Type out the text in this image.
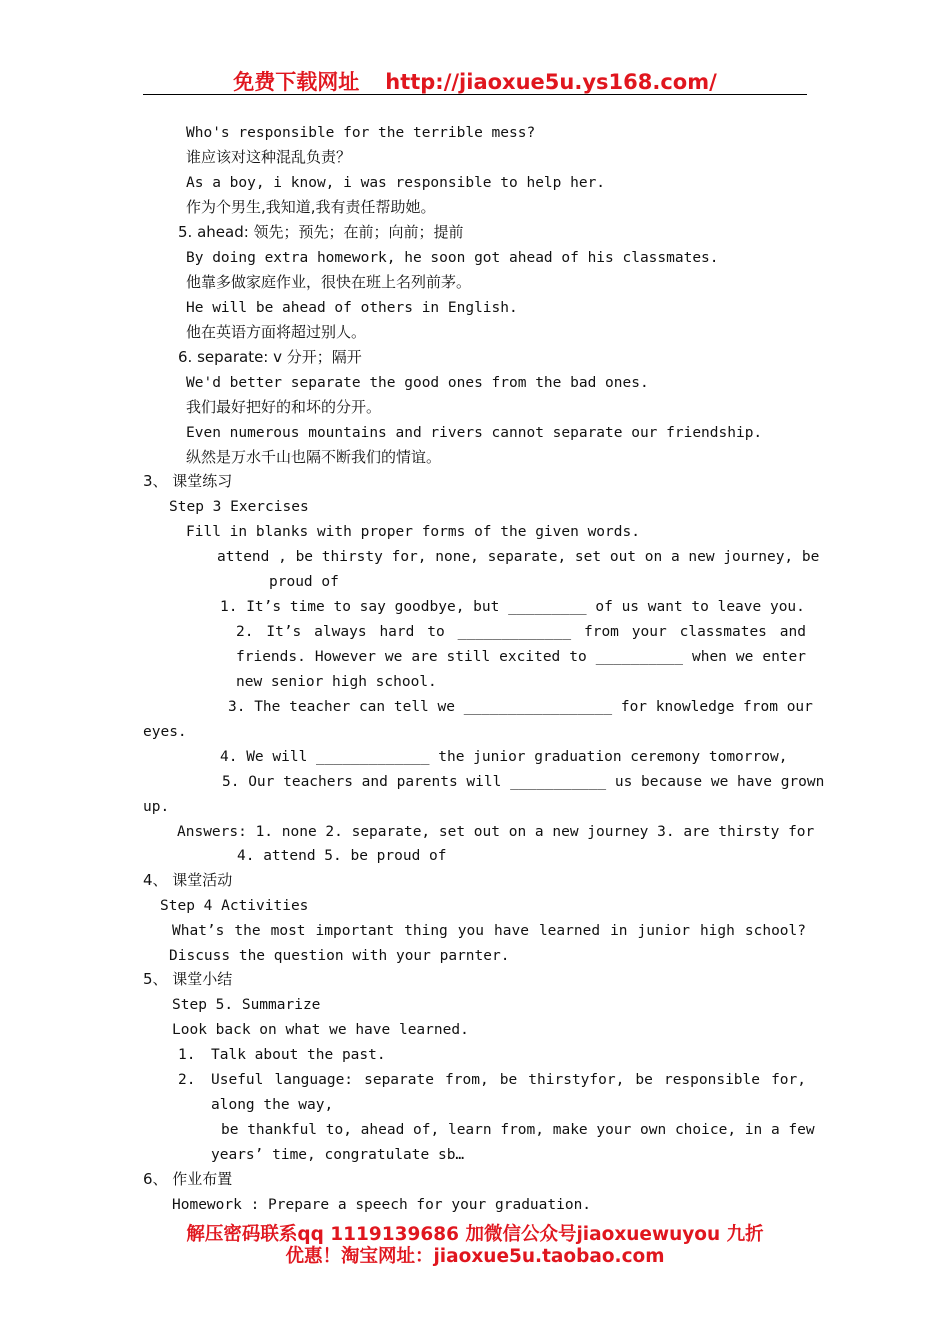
免费下载网址 http://jiaoxue5u.ys168.com/
Who's responsible for the terrible mess?
谁应该对这种混乱负责？
As a boy, i know, i was responsible to help her.
作为个男生,我知道,我有责任帮助她。
5. ahead: 领先；预先；在前；向前；提前
By doing extra homework, he soon got ahead of his classmates.
他靠多做家庭作业，很快在班上名列前茅。
He will be ahead of others in English.
他在英语方面将超过别人。
6. separate: v 分开；隔开
We'd better separate the good ones from the bad ones.
我们最好把好的和坏的分开。
Even numerous mountains and rivers cannot separate our friendship.
纵然是万水千山也隔不断我们的情谊。
3、 课堂练习
Step 3 Exercises
Fill in blanks with proper forms of the given words.
attend , be thirsty for, none, separate, set out on a new journey, be
proud of
1. It’s time to say goodbye, but _________ of us want to leave you.
2. It’s always hard to _____________ from your classmates and
friends. However we are still excited to __________ when we enter
new senior high school.
3. The teacher can tell we _________________ for knowledge from our
eyes.
4. We will _____________ the junior graduation ceremony tomorrow,
5. Our teachers and parents will ___________ us because we have grown
up.
Answers: 1. none 2. separate, set out on a new journey 3. are thirsty for
4. attend 5. be proud of
4、 课堂活动
Step 4 Activities
What’s the most important thing you have learned in junior high school?
Discuss the question with your parnter.
5、 课堂小结
Step 5. Summarize
Look back on what we have learned.
1. Talk about the past.
2. Useful language: separate from, be thirstyfor, be responsible for,
along the way,
be thankful to, ahead of, learn from, make your own choice, in a few
years’ time, congratulate sb…
6、 作业布置
Homework : Prepare a speech for your graduation.
解压密码联系qq 1119139686 加微信公众号jiaoxuewuyou 九折
优惠！淘宝网址：jiaoxue5u.taobao.com
